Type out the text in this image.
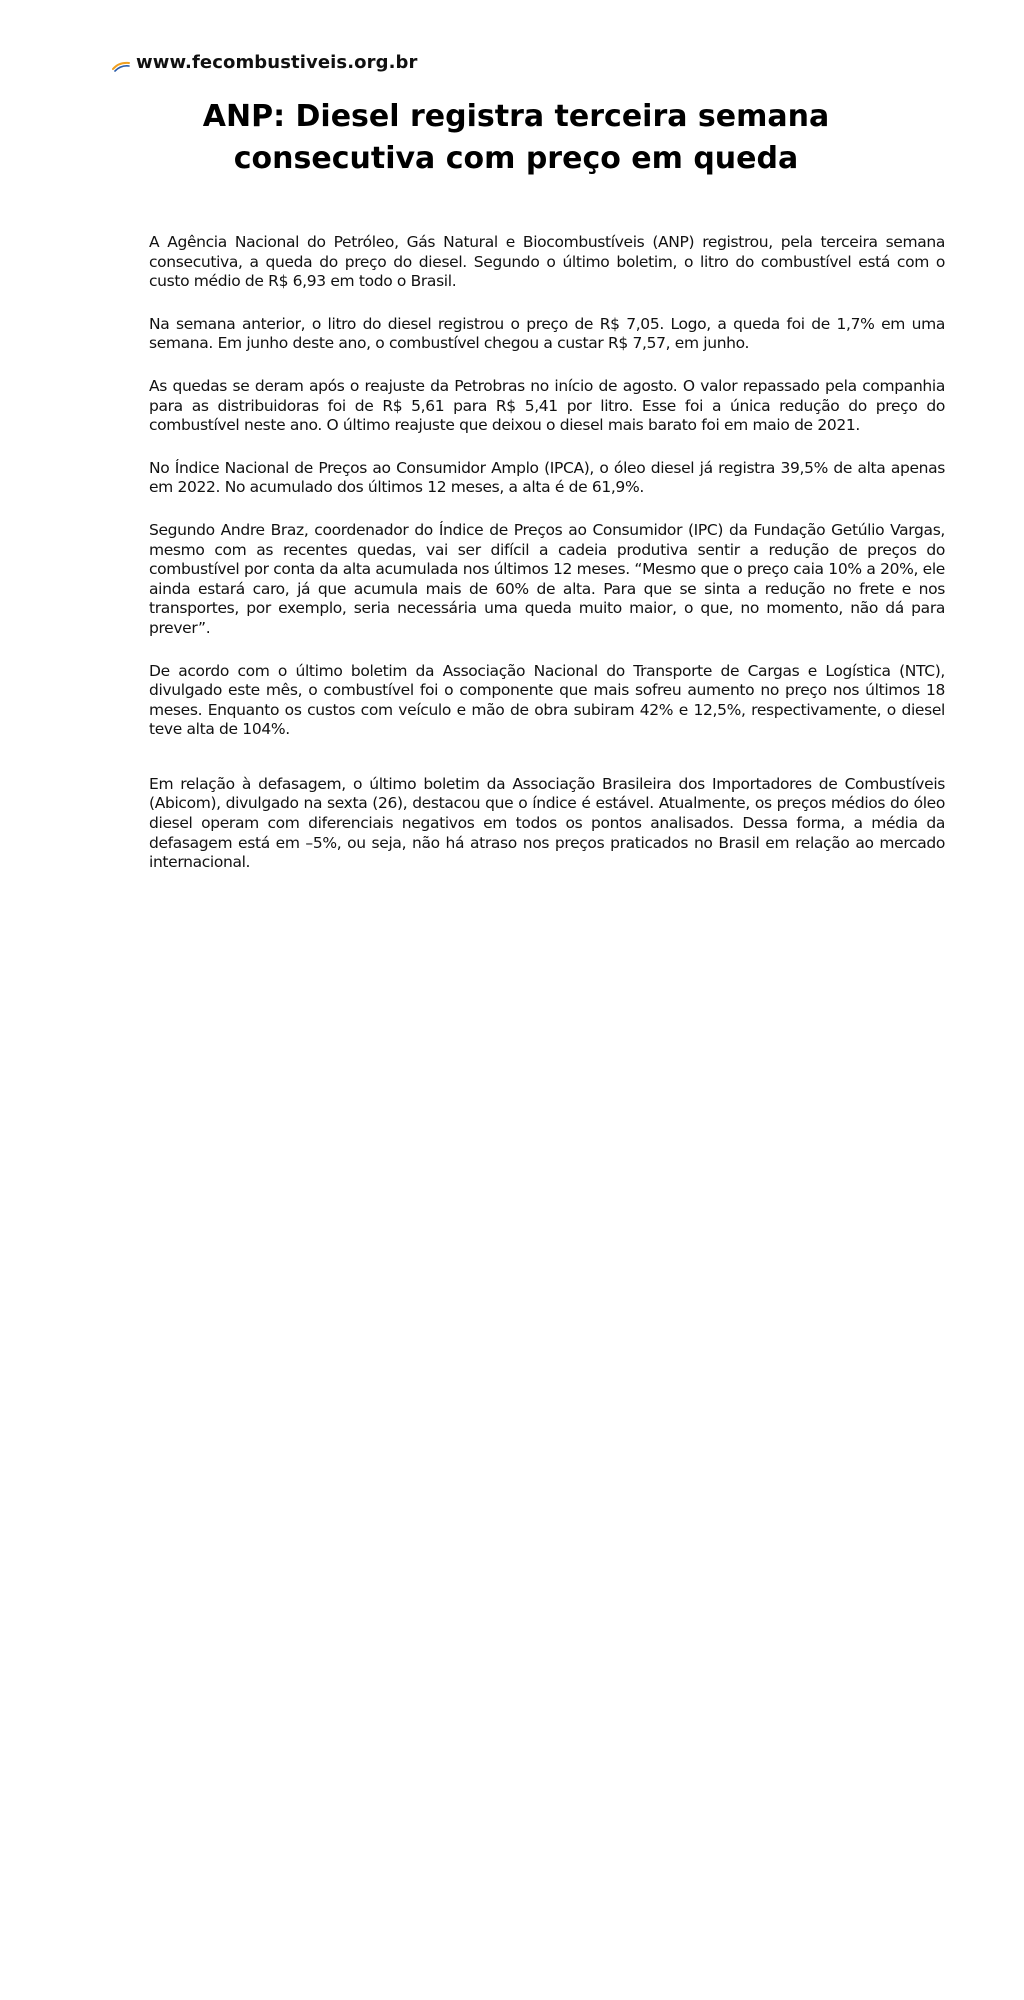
www.fecombustiveis.org.br
ANP: Diesel registra terceira semana consecutiva com preço em queda

A Agência Nacional do Petróleo, Gás Natural e Biocombustíveis (ANP) registrou, pela terceira semana consecutiva, a queda do preço do diesel. Segundo o último boletim, o litro do combustível está com o custo médio de R$ 6,93 em todo o Brasil.

Na semana anterior, o litro do diesel registrou o preço de R$ 7,05. Logo, a queda foi de 1,7% em uma semana. Em junho deste ano, o combustível chegou a custar R$ 7,57, em junho.

As quedas se deram após o reajuste da Petrobras no início de agosto. O valor repassado pela companhia para as distribuidoras foi de R$ 5,61 para R$ 5,41 por litro. Esse foi a única redução do preço do combustível neste ano. O último reajuste que deixou o diesel mais barato foi em maio de 2021.

No Índice Nacional de Preços ao Consumidor Amplo (IPCA), o óleo diesel já registra 39,5% de alta apenas em 2022. No acumulado dos últimos 12 meses, a alta é de 61,9%.

Segundo Andre Braz, coordenador do Índice de Preços ao Consumidor (IPC) da Fundação Getúlio Vargas, mesmo com as recentes quedas, vai ser difícil a cadeia produtiva sentir a redução de preços do combustível por conta da alta acumulada nos últimos 12 meses. “Mesmo que o preço caia 10% a 20%, ele ainda estará caro, já que acumula mais de 60% de alta. Para que se sinta a redução no frete e nos transportes, por exemplo, seria necessária uma queda muito maior, o que, no momento, não dá para prever”.

De acordo com o último boletim da Associação Nacional do Transporte de Cargas e Logística (NTC), divulgado este mês, o combustível foi o componente que mais sofreu aumento no preço nos últimos 18 meses. Enquanto os custos com veículo e mão de obra subiram 42% e 12,5%, respectivamente, o diesel teve alta de 104%.

Em relação à defasagem, o último boletim da Associação Brasileira dos Importadores de Combustíveis (Abicom), divulgado na sexta (26), destacou que o índice é estável. Atualmente, os preços médios do óleo diesel operam com diferenciais negativos em todos os pontos analisados. Dessa forma, a média da defasagem está em –5%, ou seja, não há atraso nos preços praticados no Brasil em relação ao mercado internacional.
